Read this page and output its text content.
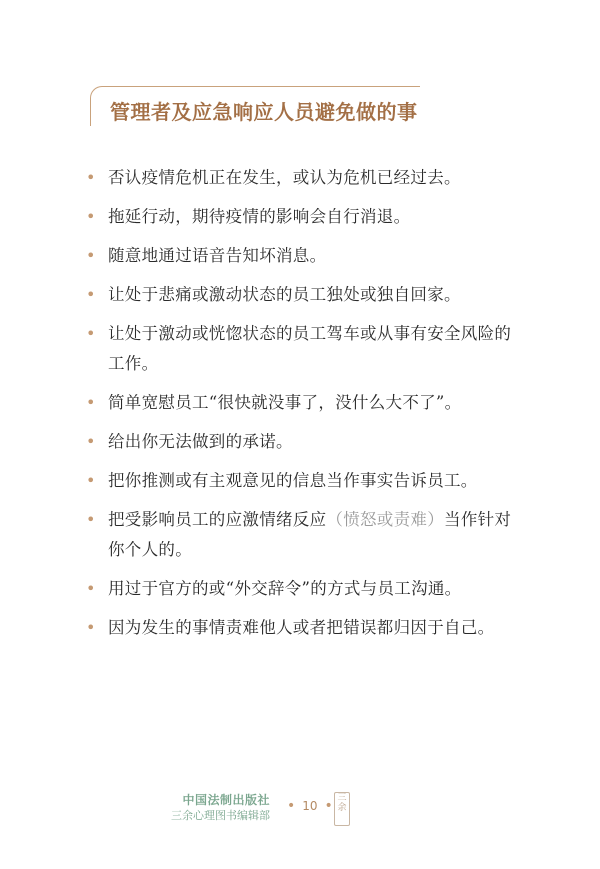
管理者及应急响应人员避免做的事
• 否认疫情危机正在发生，或认为危机已经过去。
• 拖延行动，期待疫情的影响会自行消退。
• 随意地通过语音告知坏消息。
• 让处于悲痛或激动状态的员工独处或独自回家。
• 让处于激动或恍惚状态的员工驾车或从事有安全风险的工作。
• 简单宽慰员工“很快就没事了，没什么大不了”。
• 给出你无法做到的承诺。
• 把你推测或有主观意见的信息当作事实告诉员工。
• 把受影响员工的应激情绪反应（愤怒或责难）当作针对你个人的。
• 用过于官方的或“外交辞令”的方式与员工沟通。
• 因为发生的事情责难他人或者把错误都归因于自己。
中国法制出版社
三余心理图书编辑部
• 10 • 三余
